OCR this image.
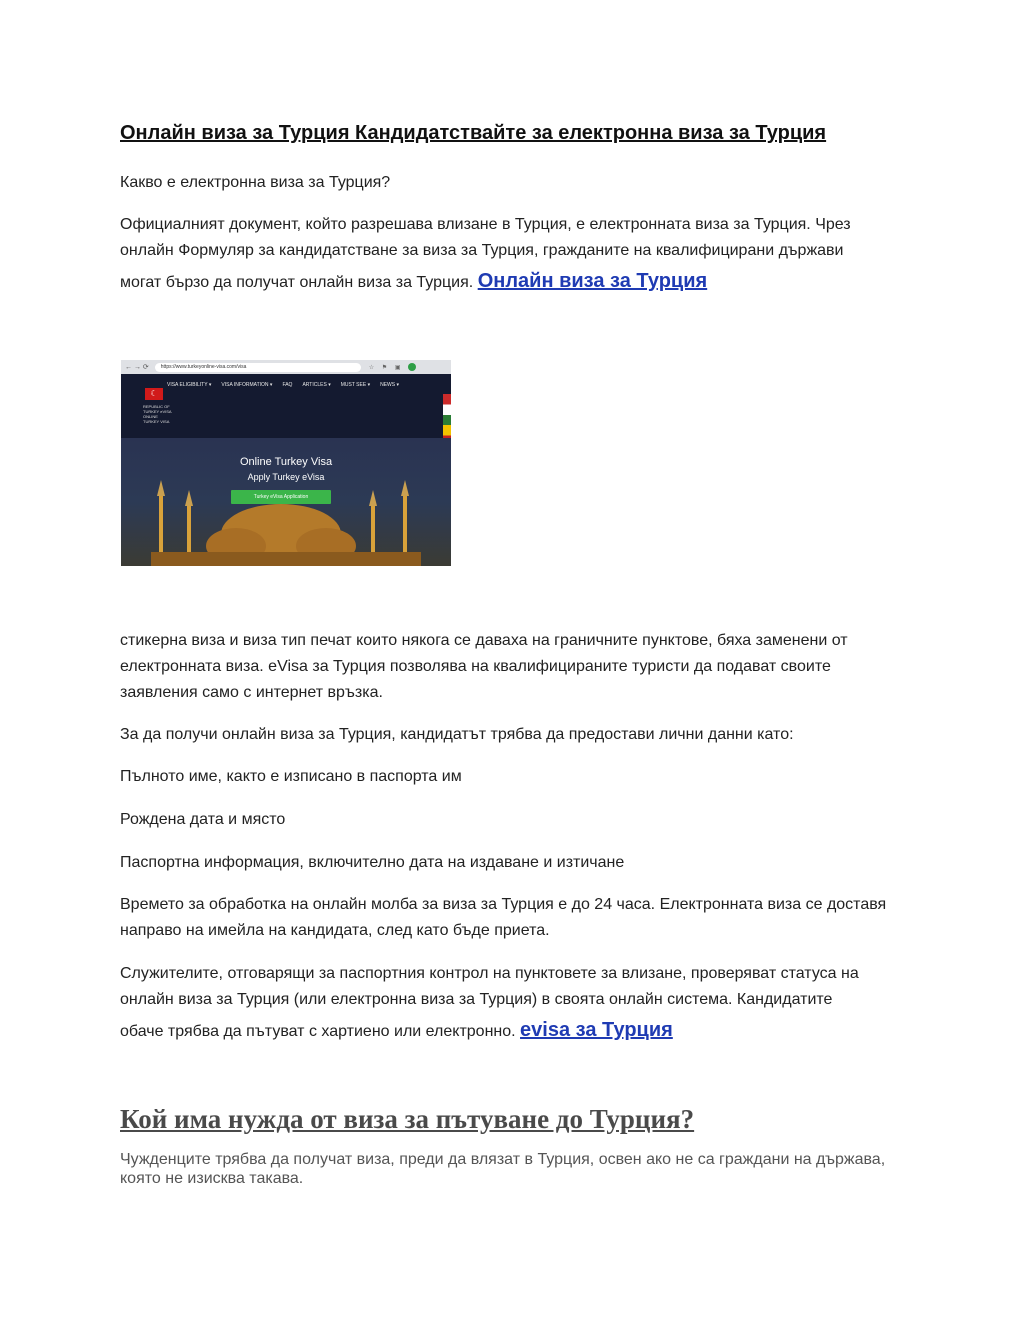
Онлайн виза за Турция Кандидатствайте за електронна виза за Турция

Какво е електронна виза за Турция?

Официалният документ, който разрешава влизане в Турция, е електронната виза за Турция. Чрез
онлайн Формуляр за кандидатстване за виза за Турция, гражданите на квалифицирани държави
могат бързо да получат онлайн виза за Турция. Онлайн виза за Турция
← → ⟳	https://www.turkeyonline-visa.com/visa	☆ ⚑ ▣
☾
REPUBLIC OF TURKEY eVISA ONLINE TURKEY VISA
VISA ELIGIBILITY ▾ VISA INFORMATION ▾ FAQ ARTICLES ▾ MUST SEE ▾ NEWS ▾
Online Turkey Visa
Apply Turkey eVisa
Turkey eVisa Application

стикерна виза и виза тип печат които някога се даваха на граничните пунктове, бяха заменени от електронната виза. eVisa за Турция позволява на квалифицираните туристи да подават своите заявления само с интернет връзка.

За да получи онлайн виза за Турция, кандидатът трябва да предостави лични данни като:

Пълното име, както е изписано в паспорта им

Рождена дата и място

Паспортна информация, включително дата на издаване и изтичане

Времето за обработка на онлайн молба за виза за Турция е до 24 часа. Електронната виза се доставя направо на имейла на кандидата, след като бъде приета.

Служителите, отговарящи за паспортния контрол на пунктовете за влизане, проверяват статуса на
онлайн виза за Турция (или електронна виза за Турция) в своята онлайн система. Кандидатите
обаче трябва да пътуват с хартиено или електронно. evisa за Турция
Кой има нужда от виза за пътуване до Турция?

Чужденците трябва да получат виза, преди да влязат в Турция, освен ако не са граждани на държава, която не изисква такава.
